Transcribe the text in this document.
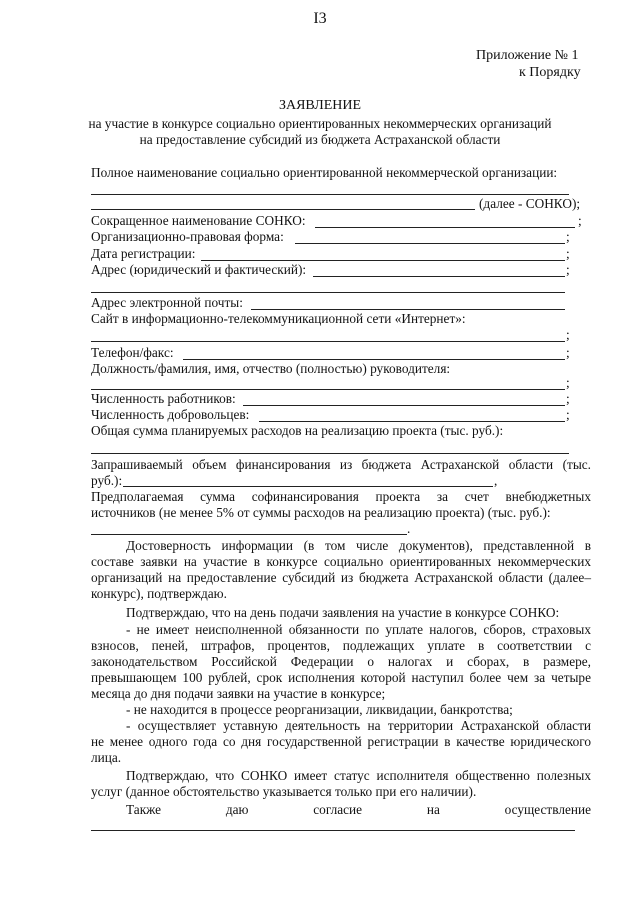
I3
Приложение № 1
к Порядку
ЗАЯВЛЕНИЕ
на участие в конкурсе социально ориентированных некоммерческих организаций
на предоставление субсидий из бюджета Астраханской области
Полное наименование социально ориентированной некоммерческой организации:
(далее - СОНКО);
Сокращенное наименование СОНКО:	;
Организационно-правовая форма:	;
Дата регистрации:	;
Адрес (юридический и фактический):	;
Адрес электронной почты:
Сайт в информационно-телекоммуникационной сети «Интернет»:
;
Телефон/факс:	;
Должность/фамилия, имя, отчество (полностью) руководителя:
;
Численность работников:	;
Численность добровольцев:	;
Общая сумма планируемых расходов на реализацию проекта (тыс. руб.):
Запрашиваемый объем финансирования из бюджета Астраханской области (тыс.
руб.):	,
Предполагаемая сумма софинансирования проекта за счет внебюджетных
источников (не менее 5% от суммы расходов на реализацию проекта) (тыс. руб.):
.
Достоверность информации (в том числе документов), представленной в
составе заявки на участие в конкурсе социально ориентированных некоммерческих
организаций на предоставление субсидий из бюджета Астраханской области (далее–
конкурс), подтверждаю.
Подтверждаю, что на день подачи заявления на участие в конкурсе СОНКО:
- не имеет неисполненной обязанности по уплате налогов, сборов, страховых
взносов, пеней, штрафов, процентов, подлежащих уплате в соответствии с
законодательством Российской Федерации о налогах и сборах, в размере,
превышающем 100 рублей, срок исполнения которой наступил более чем за четыре
месяца до дня подачи заявки на участие в конкурсе;
- не находится в процессе реорганизации, ликвидации, банкротства;
- осуществляет уставную деятельность на территории Астраханской области
не менее одного года со дня государственной регистрации в качестве юридического
лица.
Подтверждаю, что СОНКО имеет статус исполнителя общественно полезных
услуг (данное обстоятельство указывается только при его наличии).
Также даю согласие на осуществление
